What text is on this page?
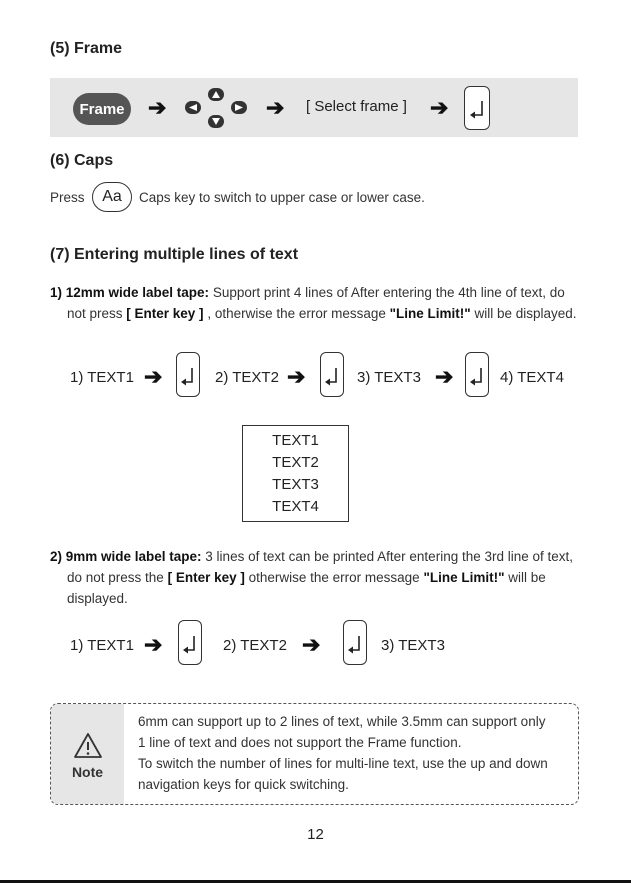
(5) Frame
Frame ➔	➔ [ Select frame ] ➔
(6) Caps
Press	Aa	Caps key to switch to upper case or lower case.
(7) Entering multiple lines of text
1) 12mm wide label tape: Support print 4 lines of After entering the 4th line of text, do
not press [ Enter key ] , otherwise the error message "Line Limit!" will be displayed.
1) TEXT1 ➔	2) TEXT2 ➔	3) TEXT3 ➔	4) TEXT4
TEXT1
TEXT2
TEXT3
TEXT4
2) 9mm wide label tape: 3 lines of text can be printed After entering the 3rd line of text,
do not press the [ Enter key ] otherwise the error message "Line Limit!" will be
displayed.
1) TEXT1 ➔	2) TEXT2 ➔	3) TEXT3
Note
6mm can support up to 2 lines of text, while 3.5mm can support only
1 line of text and does not support the Frame function.
To switch the number of lines for multi-line text, use the up and down
navigation keys for quick switching.
12
